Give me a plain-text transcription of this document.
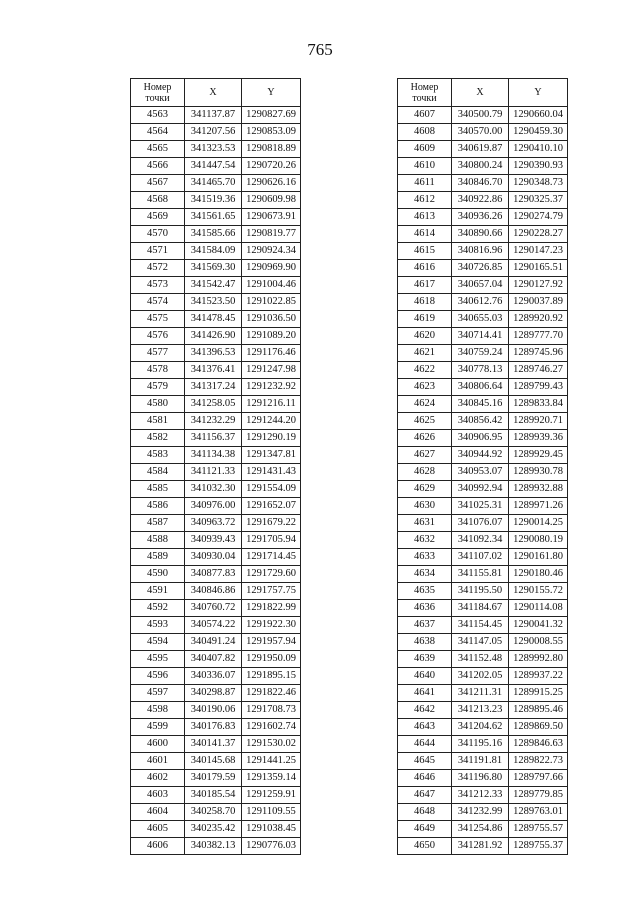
765
Номер
точки	X	Y
4563	341137.87	1290827.69
4564	341207.56	1290853.09
4565	341323.53	1290818.89
4566	341447.54	1290720.26
4567	341465.70	1290626.16
4568	341519.36	1290609.98
4569	341561.65	1290673.91
4570	341585.66	1290819.77
4571	341584.09	1290924.34
4572	341569.30	1290969.90
4573	341542.47	1291004.46
4574	341523.50	1291022.85
4575	341478.45	1291036.50
4576	341426.90	1291089.20
4577	341396.53	1291176.46
4578	341376.41	1291247.98
4579	341317.24	1291232.92
4580	341258.05	1291216.11
4581	341232.29	1291244.20
4582	341156.37	1291290.19
4583	341134.38	1291347.81
4584	341121.33	1291431.43
4585	341032.30	1291554.09
4586	340976.00	1291652.07
4587	340963.72	1291679.22
4588	340939.43	1291705.94
4589	340930.04	1291714.45
4590	340877.83	1291729.60
4591	340846.86	1291757.75
4592	340760.72	1291822.99
4593	340574.22	1291922.30
4594	340491.24	1291957.94
4595	340407.82	1291950.09
4596	340336.07	1291895.15
4597	340298.87	1291822.46
4598	340190.06	1291708.73
4599	340176.83	1291602.74
4600	340141.37	1291530.02
4601	340145.68	1291441.25
4602	340179.59	1291359.14
4603	340185.54	1291259.91
4604	340258.70	1291109.55
4605	340235.42	1291038.45
4606	340382.13	1290776.03
Номер
точки	X	Y
4607	340500.79	1290660.04
4608	340570.00	1290459.30
4609	340619.87	1290410.10
4610	340800.24	1290390.93
4611	340846.70	1290348.73
4612	340922.86	1290325.37
4613	340936.26	1290274.79
4614	340890.66	1290228.27
4615	340816.96	1290147.23
4616	340726.85	1290165.51
4617	340657.04	1290127.92
4618	340612.76	1290037.89
4619	340655.03	1289920.92
4620	340714.41	1289777.70
4621	340759.24	1289745.96
4622	340778.13	1289746.27
4623	340806.64	1289799.43
4624	340845.16	1289833.84
4625	340856.42	1289920.71
4626	340906.95	1289939.36
4627	340944.92	1289929.45
4628	340953.07	1289930.78
4629	340992.94	1289932.88
4630	341025.31	1289971.26
4631	341076.07	1290014.25
4632	341092.34	1290080.19
4633	341107.02	1290161.80
4634	341155.81	1290180.46
4635	341195.50	1290155.72
4636	341184.67	1290114.08
4637	341154.45	1290041.32
4638	341147.05	1290008.55
4639	341152.48	1289992.80
4640	341202.05	1289937.22
4641	341211.31	1289915.25
4642	341213.23	1289895.46
4643	341204.62	1289869.50
4644	341195.16	1289846.63
4645	341191.81	1289822.73
4646	341196.80	1289797.66
4647	341212.33	1289779.85
4648	341232.99	1289763.01
4649	341254.86	1289755.57
4650	341281.92	1289755.37
